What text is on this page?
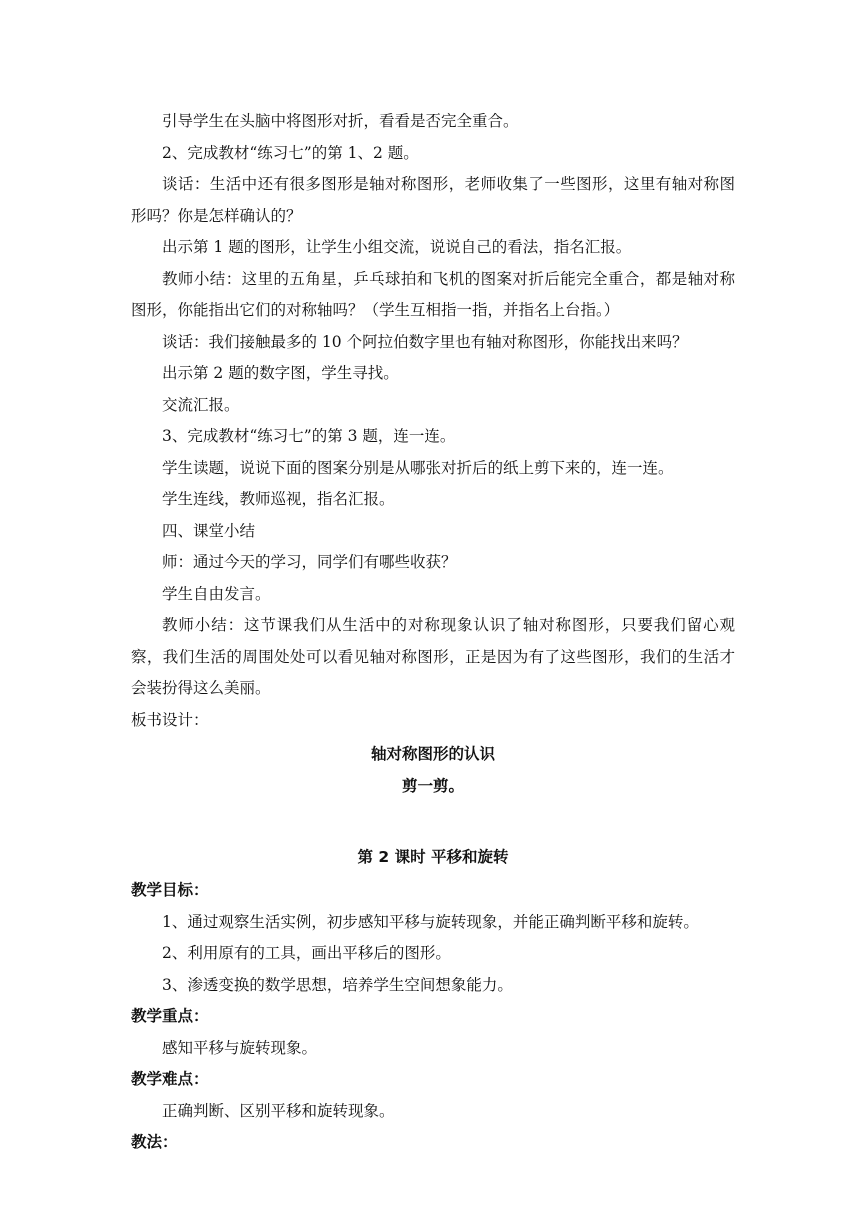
引导学生在头脑中将图形对折，看看是否完全重合。

2、完成教材“练习七”的第 1、2 题。

谈话：生活中还有很多图形是轴对称图形，老师收集了一些图形，这里有轴对称图形吗？你是怎样确认的？

出示第 1 题的图形，让学生小组交流，说说自己的看法，指名汇报。

教师小结：这里的五角星，乒乓球拍和飞机的图案对折后能完全重合，都是轴对称图形，你能指出它们的对称轴吗？（学生互相指一指，并指名上台指。）

谈话：我们接触最多的 10 个阿拉伯数字里也有轴对称图形，你能找出来吗？

出示第 2 题的数字图，学生寻找。

交流汇报。

3、完成教材“练习七”的第 3 题，连一连。

学生读题，说说下面的图案分别是从哪张对折后的纸上剪下来的，连一连。

学生连线，教师巡视，指名汇报。

四、课堂小结

师：通过今天的学习，同学们有哪些收获？

学生自由发言。

教师小结：这节课我们从生活中的对称现象认识了轴对称图形，只要我们留心观察，我们生活的周围处处可以看见轴对称图形，正是因为有了这些图形，我们的生活才会装扮得这么美丽。

板书设计：

轴对称图形的认识

剪一剪。

第 2 课时 平移和旋转

教学目标：

1、通过观察生活实例，初步感知平移与旋转现象，并能正确判断平移和旋转。

2、利用原有的工具，画出平移后的图形。

3、渗透变换的数学思想，培养学生空间想象能力。

教学重点：

感知平移与旋转现象。

教学难点：

正确判断、区别平移和旋转现象。

教法：
